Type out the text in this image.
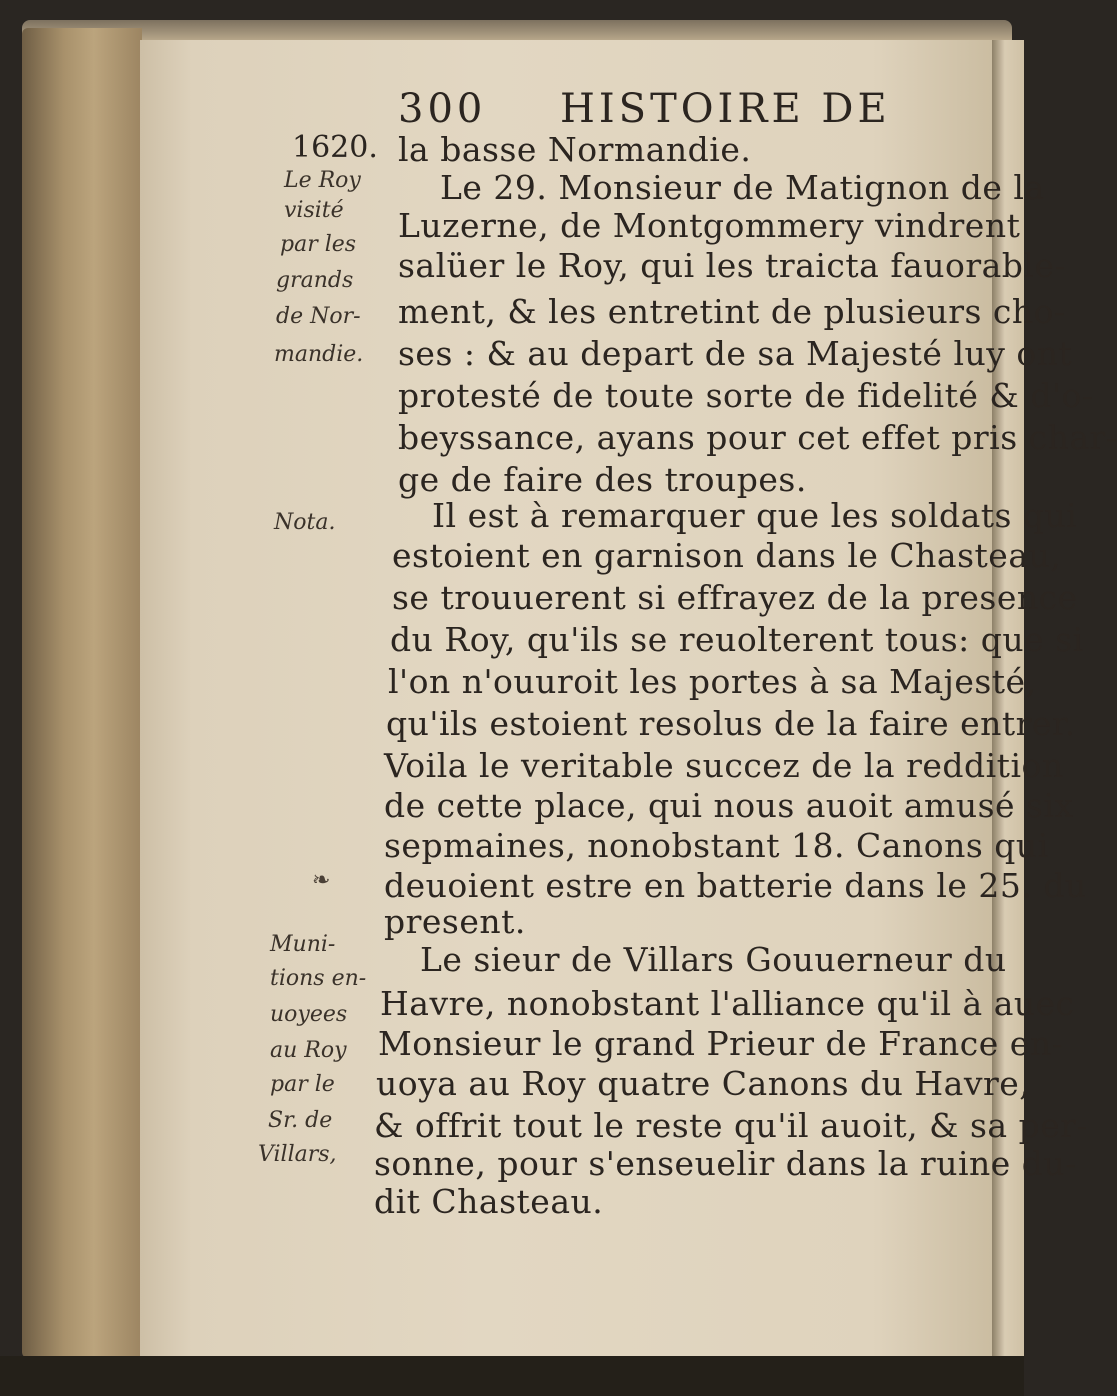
300 HISTOIRE DE
1620. la basse Normandie.
Le 29. Monsieur de Matignon de la
Luzerne, de Montgommery vindrent
salüer le Roy, qui les traicta fauorable-
ment, & les entretint de plusieurs cho-
ses : & au depart de sa Majesté luy ont
protesté de toute sorte de fidelité & d'o-
beyssance, ayans pour cet effet pris char-
ge de faire des troupes.
Il est à remarquer que les soldats qui
estoient en garnison dans le Chasteau,
se trouuerent si effrayez de la presence
du Roy, qu'ils se reuolterent tous: que si
l'on n'ouuroit les portes à sa Majesté,
qu'ils estoient resolus de la faire entrer.
Voila le veritable succez de la reddition
de cette place, qui nous auoit amusé six
sepmaines, nonobstant 18. Canons qui
deuoient estre en batterie dans le 25. du
present.
Le sieur de Villars Gouuerneur du
Havre, nonobstant l'alliance qu'il à auec
Monsieur le grand Prieur de France en-
uoya au Roy quatre Canons du Havre,
& offrit tout le reste qu'il auoit, & sa per-
sonne, pour s'enseuelir dans la ruine du-
dit Chasteau.
Le Roy
visité
par les
grands
de Nor-
mandie.
Nota.
❧
Muni-
tions en-
uoyees
au Roy
par le
Sr. de
Villars,
